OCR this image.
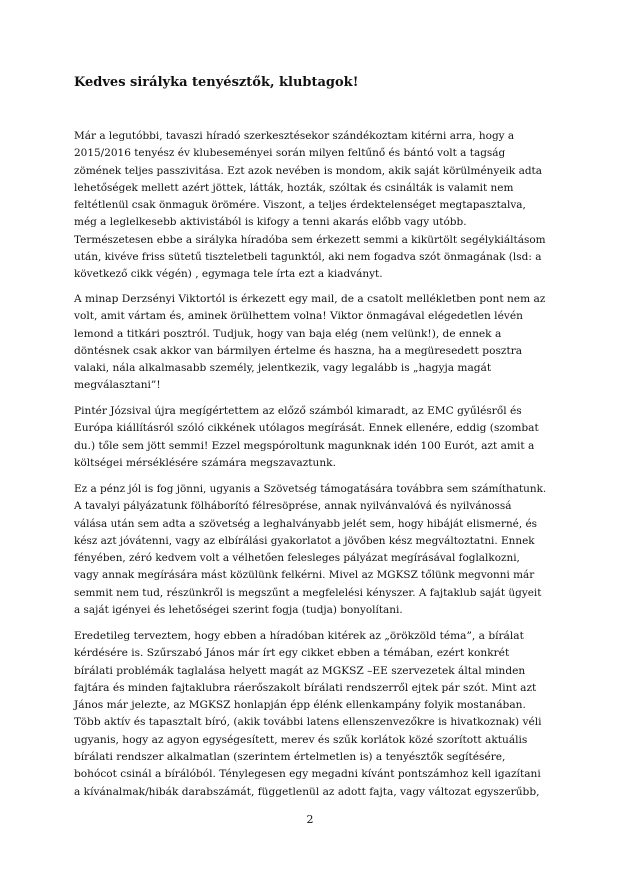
Kedves sirályka tenyésztők, klubtagok!
Már a legutóbbi, tavaszi híradó szerkesztésekor szándékoztam kitérni arra, hogy a
2015/2016 tenyész év klubeseményei során milyen feltűnő és bántó volt a tagság
zömének teljes passzivitása. Ezt azok nevében is mondom, akik saját körülményeik adta
lehetőségek mellett azért jöttek, látták, hozták, szóltak és csinálták is valamit nem
feltétlenül csak önmaguk örömére. Viszont, a teljes érdektelenséget megtapasztalva,
még a leglelkesebb aktivistából is kifogy a tenni akarás előbb vagy utóbb.
Természetesen ebbe a sirályka híradóba sem érkezett semmi a kikürtölt segélykiáltásom
után, kivéve friss sütetű tiszteletbeli tagunktól, aki nem fogadva szót önmagának (lsd: a
következő cikk végén) , egymaga tele írta ezt a kiadványt.
A minap Derzsényi Viktortól is érkezett egy mail, de a csatolt mellékletben pont nem az
volt, amit vártam és, aminek örülhettem volna! Viktor önmagával elégedetlen lévén
lemond a titkári posztról. Tudjuk, hogy van baja elég (nem velünk!), de ennek a
döntésnek csak akkor van bármilyen értelme és haszna, ha a megüresedett posztra
valaki, nála alkalmasabb személy, jelentkezik, vagy legalább is „hagyja magát
megválasztani”!
Pintér Józsival újra megígértettem az előző számból kimaradt, az EMC gyűlésről és
Európa kiállításról szóló cikkének utólagos megírását. Ennek ellenére, eddig (szombat
du.) tőle sem jött semmi! Ezzel megspóroltunk magunknak idén 100 Eurót, azt amit a
költségei mérséklésére számára megszavaztunk.
Ez a pénz jól is fog jönni, ugyanis a Szövetség támogatására továbbra sem számíthatunk.
A tavalyi pályázatunk fölháborító félresöprése, annak nyilvánvalóvá és nyilvánossá
válása után sem adta a szövetség a leghalványabb jelét sem, hogy hibáját elismerné, és
kész azt jóvátenni, vagy az elbírálási gyakorlatot a jövőben kész megváltoztatni. Ennek
fényében, zéró kedvem volt a vélhetően felesleges pályázat megírásával foglalkozni,
vagy annak megírására mást közülünk felkérni. Mivel az MGKSZ tőlünk megvonni már
semmit nem tud, részünkről is megszűnt a megfelelési kényszer. A fajtaklub saját ügyeit
a saját igényei és lehetőségei szerint fogja (tudja) bonyolítani.
Eredetileg terveztem, hogy ebben a híradóban kitérek az „örökzöld téma”, a bírálat
kérdésére is. Szűrszabó János már írt egy cikket ebben a témában, ezért konkrét
bírálati problémák taglalása helyett magát az MGKSZ –EE szervezetek által minden
fajtára és minden fajtaklubra ráerőszakolt bírálati rendszerről ejtek pár szót. Mint azt
János már jelezte, az MGKSZ honlapján épp élénk ellenkampány folyik mostanában.
Több aktív és tapasztalt bíró, (akik további latens ellenszenvezőkre is hivatkoznak) véli
ugyanis, hogy az agyon egységesített, merev és szűk korlátok közé szorított aktuális
bírálati rendszer alkalmatlan (szerintem értelmetlen is) a tenyésztők segítésére,
bohócot csinál a bírálóból. Ténylegesen egy megadni kívánt pontszámhoz kell igazítani
a kívánalmak/hibák darabszámát, függetlenül az adott fajta, vagy változat egyszerűbb,
2
